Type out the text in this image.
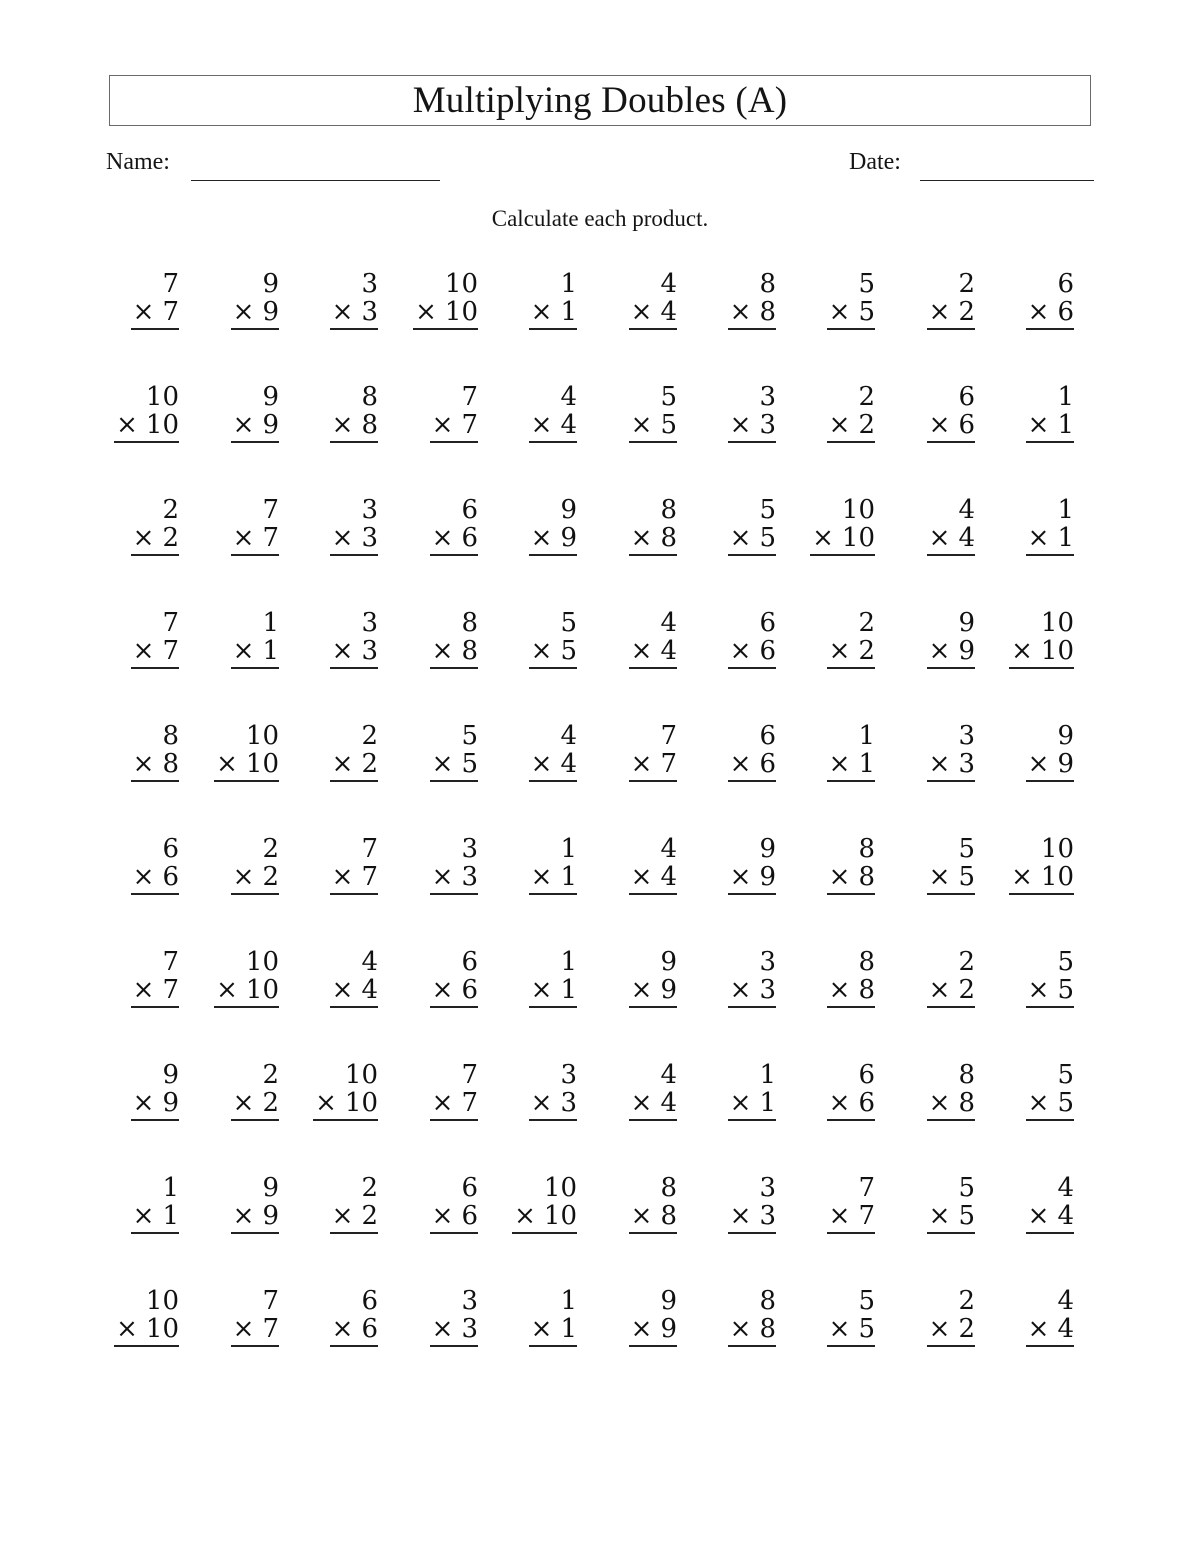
Multiplying Doubles (A)
Name:	Date:
Calculate each product.
7
× 7
9
× 9
3
× 3
10
× 10
1
× 1
4
× 4
8
× 8
5
× 5
2
× 2
6
× 6
10
× 10
9
× 9
8
× 8
7
× 7
4
× 4
5
× 5
3
× 3
2
× 2
6
× 6
1
× 1
2
× 2
7
× 7
3
× 3
6
× 6
9
× 9
8
× 8
5
× 5
10
× 10
4
× 4
1
× 1
7
× 7
1
× 1
3
× 3
8
× 8
5
× 5
4
× 4
6
× 6
2
× 2
9
× 9
10
× 10
8
× 8
10
× 10
2
× 2
5
× 5
4
× 4
7
× 7
6
× 6
1
× 1
3
× 3
9
× 9
6
× 6
2
× 2
7
× 7
3
× 3
1
× 1
4
× 4
9
× 9
8
× 8
5
× 5
10
× 10
7
× 7
10
× 10
4
× 4
6
× 6
1
× 1
9
× 9
3
× 3
8
× 8
2
× 2
5
× 5
9
× 9
2
× 2
10
× 10
7
× 7
3
× 3
4
× 4
1
× 1
6
× 6
8
× 8
5
× 5
1
× 1
9
× 9
2
× 2
6
× 6
10
× 10
8
× 8
3
× 3
7
× 7
5
× 5
4
× 4
10
× 10
7
× 7
6
× 6
3
× 3
1
× 1
9
× 9
8
× 8
5
× 5
2
× 2
4
× 4
